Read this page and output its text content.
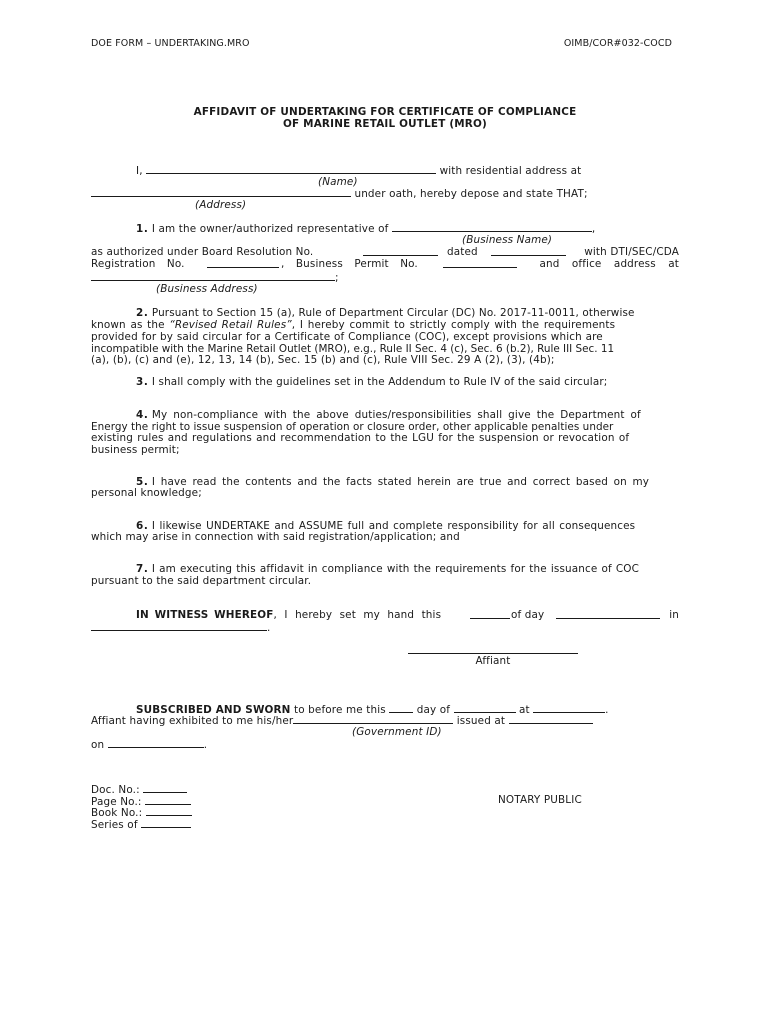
DOE FORM – UNDERTAKING.MRO	OIMB/COR#032-COCD
AFFIDAVIT OF UNDERTAKING FOR CERTIFICATE OF COMPLIANCE
OF MARINE RETAIL OUTLET (MRO)
I,	with residential address at
(Name)
under oath, hereby depose and state THAT;
(Address)
1. I am the owner/authorized representative of	,
(Business Name)
as authorized under Board Resolution No.	dated	with DTI/SEC/CDA
Registration No.	, Business Permit No.	and office address at
;
(Business Address)
2. Pursuant to Section 15 (a), Rule of Department Circular (DC) No. 2017-11-0011, otherwise
known as the “Revised Retail Rules”, I hereby commit to strictly comply with the requirements
provided for by said circular for a Certificate of Compliance (COC), except provisions which are
incompatible with the Marine Retail Outlet (MRO), e.g., Rule II Sec. 4 (c), Sec. 6 (b.2), Rule III Sec. 11
(a), (b), (c) and (e), 12, 13, 14 (b), Sec. 15 (b) and (c), Rule VIII Sec. 29 A (2), (3), (4b);
3. I shall comply with the guidelines set in the Addendum to Rule IV of the said circular;
4. My non-compliance with the above duties/responsibilities shall give the Department of
Energy the right to issue suspension of operation or closure order, other applicable penalties under
existing rules and regulations and recommendation to the LGU for the suspension or revocation of
business permit;
5. I have read the contents and the facts stated herein are true and correct based on my
personal knowledge;
6. I likewise UNDERTAKE and ASSUME full and complete responsibility for all consequences
which may arise in connection with said registration/application; and
7. I am executing this affidavit in compliance with the requirements for the issuance of COC
pursuant to the said department circular.
IN WITNESS WHEREOF, I hereby set my hand this	of day	in
.
Affiant
SUBSCRIBED AND SWORN to before me this	day of	at	.
Affiant having exhibited to me his/her	issued at
(Government ID)
on	.
Doc. No.:
Page No.:
Book No.:
Series of
NOTARY PUBLIC
